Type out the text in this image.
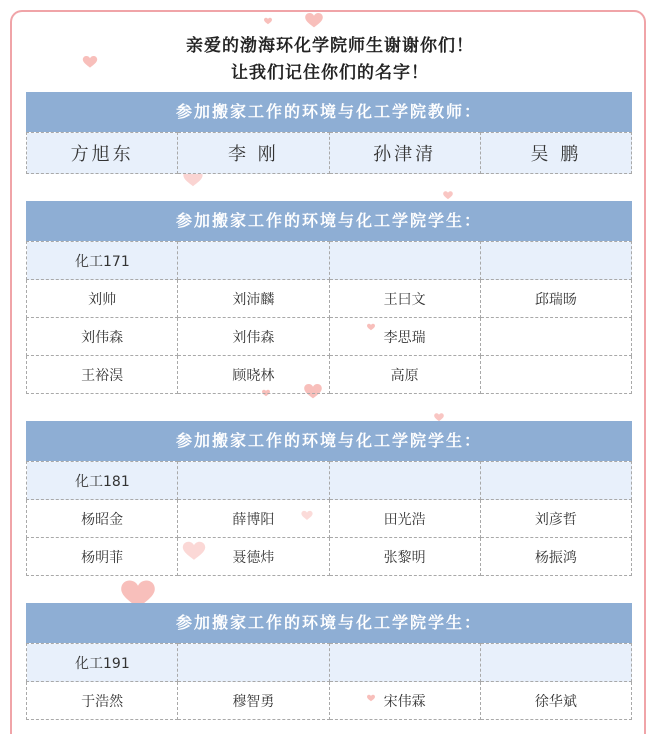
亲爱的渤海环化学院师生谢谢你们！

让我们记住你们的名字！

参加搬家工作的环境与化工学院教师：
方旭东	李 刚	孙津清	吴 鹏
参加搬家工作的环境与化工学院学生：
化工171			
刘帅	刘沛麟	王曰文	邱瑞旸
刘伟森	刘伟森	李思瑞	
王裕淏	顾晓林	高原	
参加搬家工作的环境与化工学院学生：
化工181			
杨昭金	薛博阳	田光浩	刘彦哲
杨明菲	聂德炜	张黎明	杨振鸿
参加搬家工作的环境与化工学院学生：
化工191			
于浩然	穆智勇	宋伟霖	徐华斌
